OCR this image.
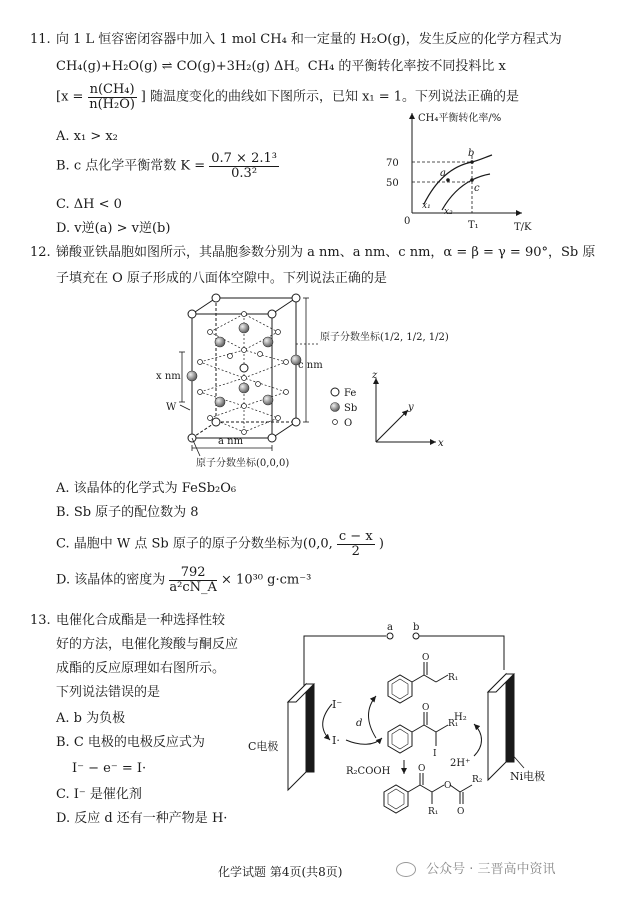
11. 向 1 L 恒容密闭容器中加入 1 mol CH₄ 和一定量的 H₂O(g)，发生反应的化学方程式为
CH₄(g)+H₂O(g) ⇌ CO(g)+3H₂(g) ΔH。CH₄ 的平衡转化率按不同投料比 x
[$x = \frac{\text{n(CH₄)}}{\text{n(H₂O)}}$ ] 随温度变化的曲线如下图所示，已知 x₁ = 1。下列说法正确的是
A. x₁ > x₂
B. c 点化学平衡常数 $K = \frac{\text{0.7 × 2.1³}}{\text{0.3²}}$
C. ΔH < 0
D. v逆(a) > v逆(b)
CH₄平衡转化率/%
T/K
0
70
50
T₁
a
b
c
x₁
x₂
12. 锑酸亚铁晶胞如图所示，其晶胞参数分别为 a nm、a nm、c nm，α = β = γ = 90°，Sb 原
子填充在 O 原子形成的八面体空隙中。下列说法正确的是
c nm
x nm
W
a nm
原子分数坐标(1/2, 1/2, 1/2)
原子分数坐标(0,0,0)
Fe
Sb
O
z
y
x
A. 该晶体的化学式为 FeSb₂O₆
B. Sb 原子的配位数为 8
C. 晶胞中 W 点 Sb 原子的原子分数坐标为(0,0, $\frac{c - x}{2}$ )
D. 该晶体的密度为 $\frac{792}{\text{a²cN\_A}} \times 10^{30}$ g·cm⁻³
13. 电催化合成酯是一种选择性较
好的方法，电催化羧酸与酮反应
成酯的反应原理如右图所示。
下列说法错误的是
A. b 为负极
B. C 电极的电极反应式为
I⁻ − e⁻ = I·
C. I⁻ 是催化剂
D. 反应 d 还有一种产物是 H·
a b
C电极
Ni电极
I⁻
I·
d
O
R₁
O
R₁
I
R₂COOH	O
O
O
R₁
R₂
H₂
2H⁺
化学试题 第4页(共8页)	公众号 · 三晋高中资讯
